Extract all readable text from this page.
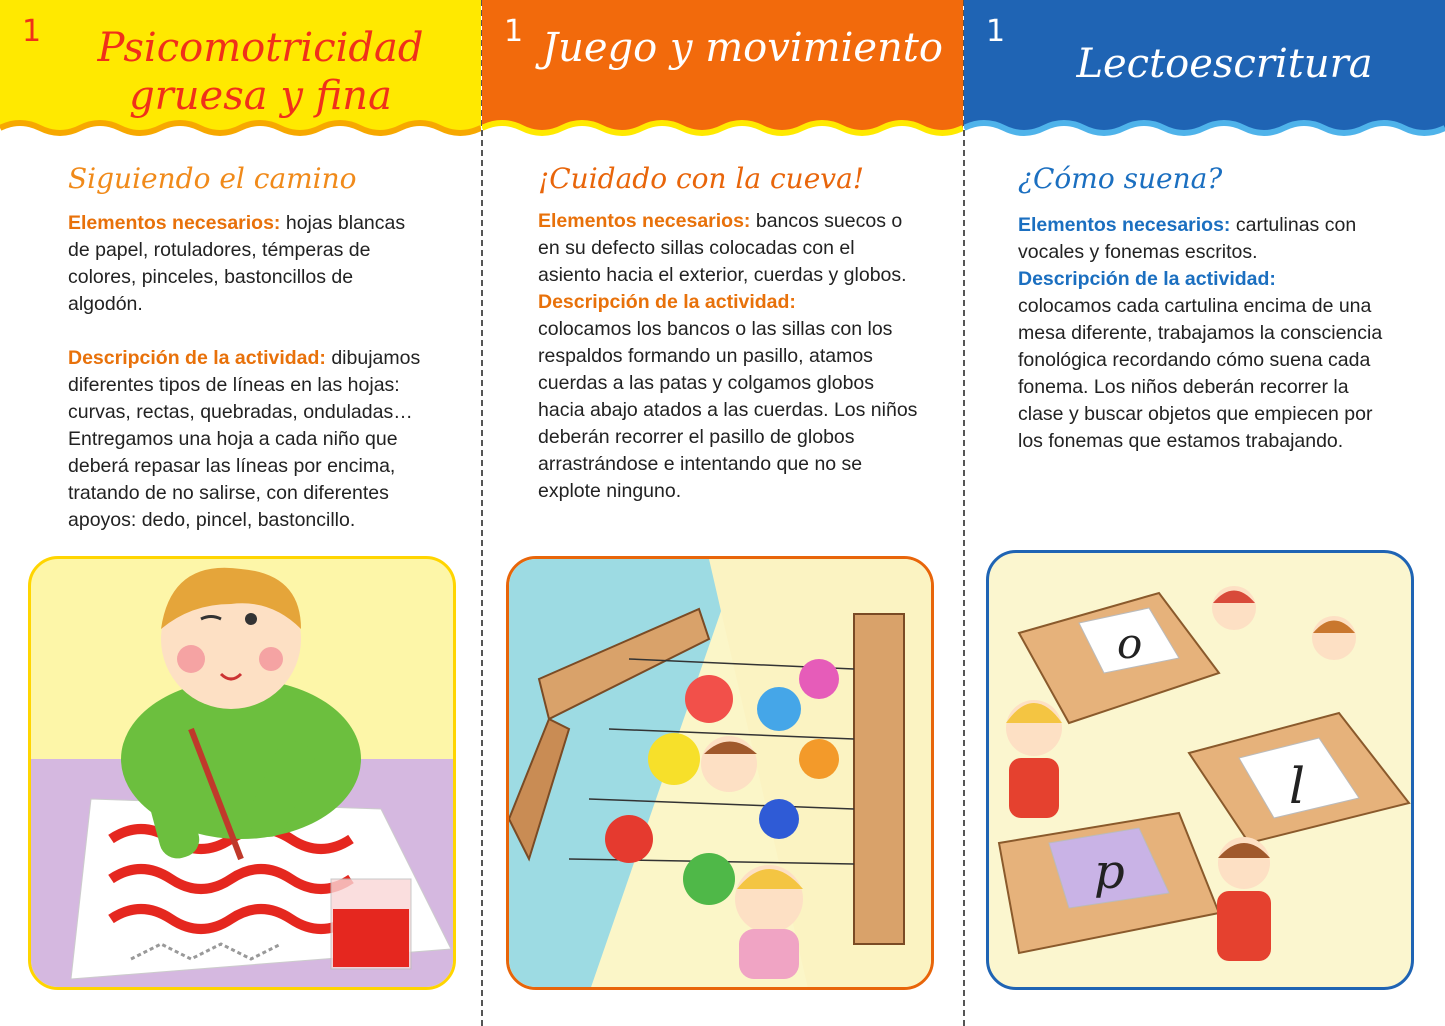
1	Psicomotricidad gruesa y fina
Siguiendo el camino

Elementos necesarios: hojas blancas de papel, rotuladores, témperas de colores, pinceles, bastoncillos de algodón.

Descripción de la actividad: dibujamos diferentes tipos de líneas en las hojas: curvas, rectas, quebradas, onduladas… Entregamos una hoja a cada niño que deberá repasar las líneas por encima, tratando de no salirse, con diferentes apoyos: dedo, pincel, bastoncillo.

1 Juego y movimiento
¡Cuidado con la cueva!

Elementos necesarios: bancos suecos o en su defecto sillas colocadas con el asiento hacia el exterior, cuerdas y globos.

Descripción de la actividad:
colocamos los bancos o las sillas con los respaldos formando un pasillo, atamos cuerdas a las patas y colgamos globos hacia abajo atados a las cuerdas. Los niños deberán recorrer el pasillo de globos arrastrándose e intentando que no se explote ninguno.

1
Lectoescritura
¿Cómo suena?

Elementos necesarios: cartulinas con vocales y fonemas escritos.

Descripción de la actividad:
colocamos cada cartulina encima de una mesa diferente, trabajamos la consciencia fonológica recordando cómo suena cada fonema. Los niños deberán recorrer la clase y buscar objetos que empiecen por los fonemas que estamos trabajando.

o
l
p
